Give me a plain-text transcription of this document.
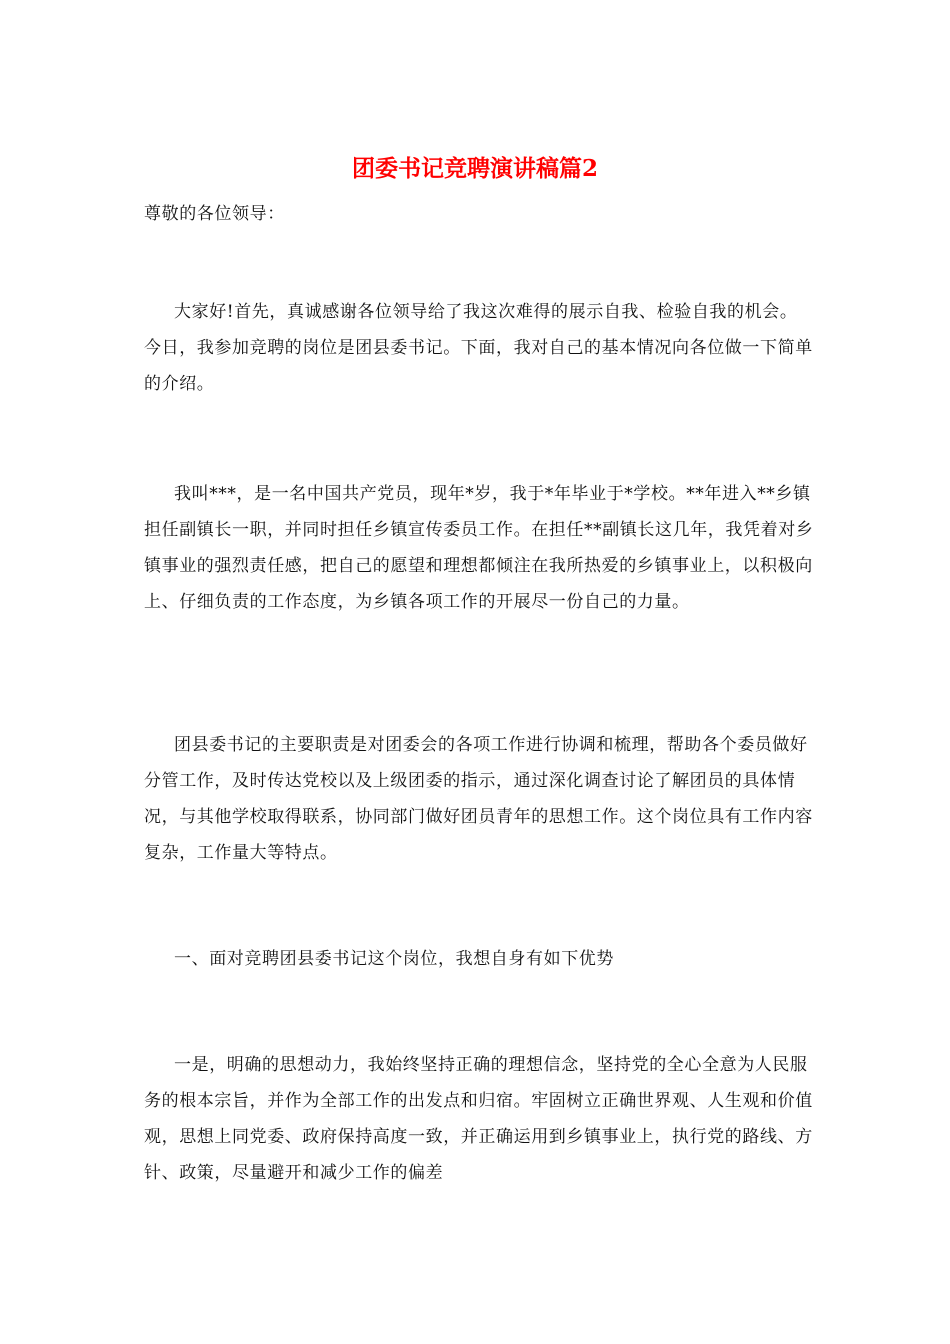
团委书记竞聘演讲稿篇2

尊敬的各位领导：

大家好!首先，真诚感谢各位领导给了我这次难得的展示自我、检验自我的机会。今日，我参加竞聘的岗位是团县委书记。下面，我对自己的基本情况向各位做一下简单的介绍。

我叫***，是一名中国共产党员，现年*岁，我于*年毕业于*学校。**年进入**乡镇担任副镇长一职，并同时担任乡镇宣传委员工作。在担任**副镇长这几年，我凭着对乡镇事业的强烈责任感，把自己的愿望和理想都倾注在我所热爱的乡镇事业上，以积极向上、仔细负责的工作态度，为乡镇各项工作的开展尽一份自己的力量。

团县委书记的主要职责是对团委会的各项工作进行协调和梳理，帮助各个委员做好分管工作，及时传达党校以及上级团委的指示，通过深化调查讨论了解团员的具体情况，与其他学校取得联系，协同部门做好团员青年的思想工作。这个岗位具有工作内容复杂，工作量大等特点。

一、面对竞聘团县委书记这个岗位，我想自身有如下优势

一是，明确的思想动力，我始终坚持正确的理想信念，坚持党的全心全意为人民服务的根本宗旨，并作为全部工作的出发点和归宿。牢固树立正确世界观、人生观和价值观，思想上同党委、政府保持高度一致，并正确运用到乡镇事业上，执行党的路线、方针、政策，尽量避开和减少工作的偏差
